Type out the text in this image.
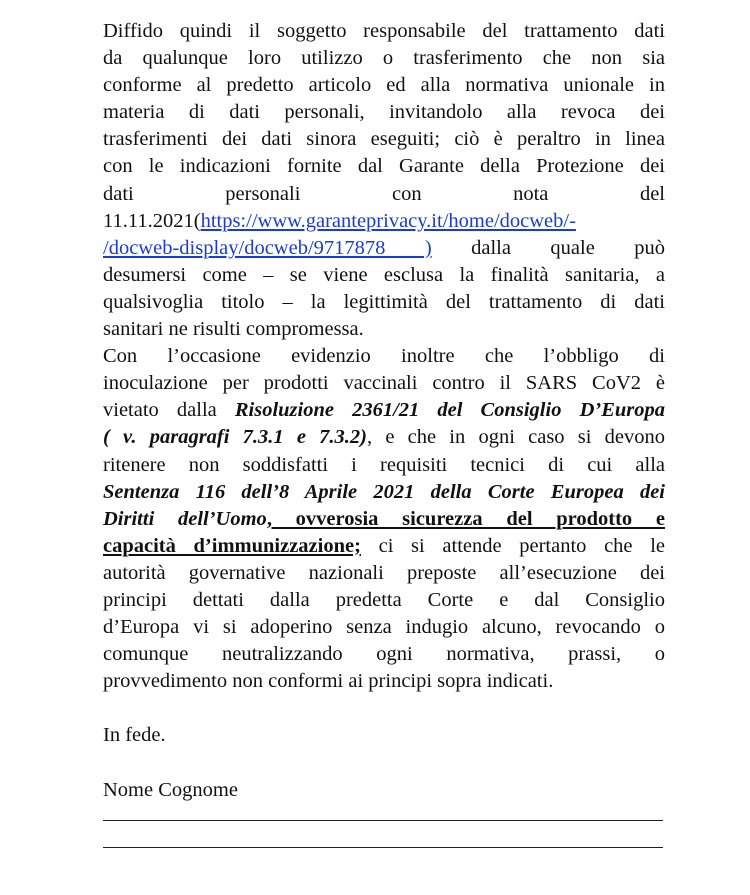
Diffido quindi il soggetto responsabile del trattamento dati
da qualunque loro utilizzo o trasferimento che non sia
conforme al predetto articolo ed alla normativa unionale in
materia di dati personali, invitandolo alla revoca dei
trasferimenti dei dati sinora eseguiti; ciò è peraltro in linea
con le indicazioni fornite dal Garante della Protezione dei
dati personali con nota del
11.11.2021(https://www.garanteprivacy.it/home/docweb/-
/docweb-display/docweb/9717878 ) dalla quale può
desumersi come – se viene esclusa la finalità sanitaria, a
qualsivoglia titolo – la legittimità del trattamento di dati
sanitari ne risulti compromessa.
Con l’occasione evidenzio inoltre che l’obbligo di
inoculazione per prodotti vaccinali contro il SARS CoV2 è
vietato dalla Risoluzione 2361/21 del Consiglio D’Europa
( v. paragrafi 7.3.1 e 7.3.2), e che in ogni caso si devono
ritenere non soddisfatti i requisiti tecnici di cui alla
Sentenza 116 dell’8 Aprile 2021 della Corte Europea dei
Diritti dell’Uomo, ovverosia sicurezza del prodotto e
capacità d’immunizzazione; ci si attende pertanto che le
autorità governative nazionali preposte all’esecuzione dei
principi dettati dalla predetta Corte e dal Consiglio
d’Europa vi si adoperino senza indugio alcuno, revocando o
comunque neutralizzando ogni normativa, prassi, o
provvedimento non conformi ai principi sopra indicati.
In fede.
Nome Cognome
